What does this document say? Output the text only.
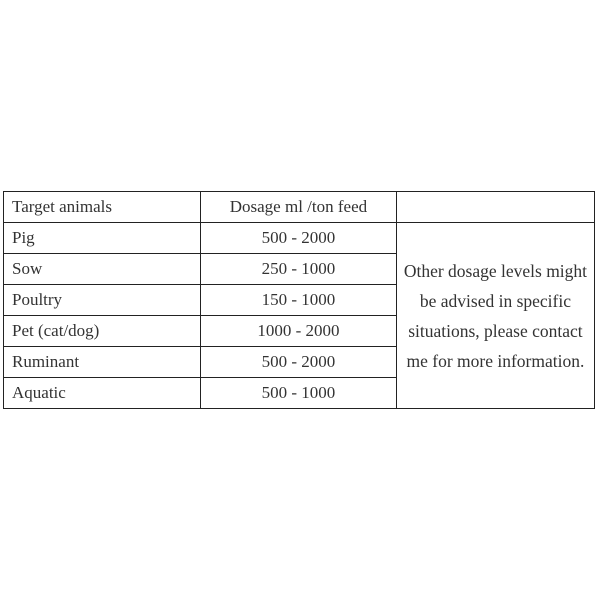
Target animals	Dosage ml /ton feed	
Pig	500 - 2000	Other dosage levels might be advised in specific situations, please contact me for more information.
Sow	250 - 1000	
Poultry	150 - 1000	
Pet (cat/dog)	1000 - 2000	
Ruminant	500 - 2000	
Aquatic	500 - 1000	
